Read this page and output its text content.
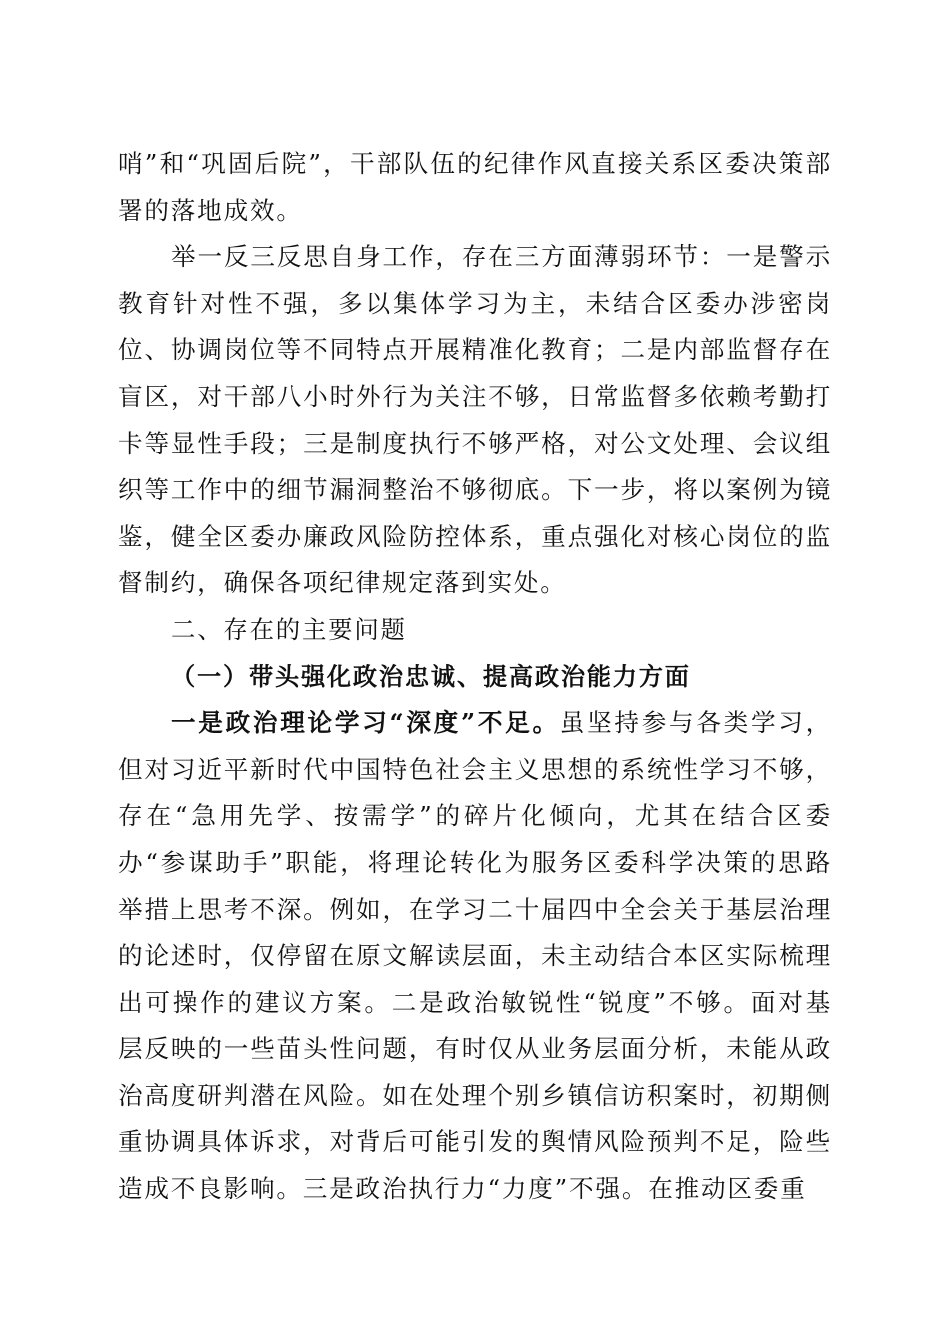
哨”和“巩固后院”，干部队伍的纪律作风直接关系区委决策部署的落地成效。

举一反三反思自身工作，存在三方面薄弱环节：一是警示教育针对性不强，多以集体学习为主，未结合区委办涉密岗位、协调岗位等不同特点开展精准化教育；二是内部监督存在盲区，对干部八小时外行为关注不够，日常监督多依赖考勤打卡等显性手段；三是制度执行不够严格，对公文处理、会议组织等工作中的细节漏洞整治不够彻底。下一步，将以案例为镜鉴，健全区委办廉政风险防控体系，重点强化对核心岗位的监督制约，确保各项纪律规定落到实处。

二、存在的主要问题

（一）带头强化政治忠诚、提高政治能力方面

一是政治理论学习“深度”不足。虽坚持参与各类学习，但对习近平新时代中国特色社会主义思想的系统性学习不够，存在“急用先学、按需学”的碎片化倾向，尤其在结合区委办“参谋助手”职能，将理论转化为服务区委科学决策的思路举措上思考不深。例如，在学习二十届四中全会关于基层治理的论述时，仅停留在原文解读层面，未主动结合本区实际梳理出可操作的建议方案。二是政治敏锐性“锐度”不够。面对基层反映的一些苗头性问题，有时仅从业务层面分析，未能从政治高度研判潜在风险。如在处理个别乡镇信访积案时，初期侧重协调具体诉求，对背后可能引发的舆情风险预判不足，险些造成不良影响。三是政治执行力“力度”不强。在推动区委重
